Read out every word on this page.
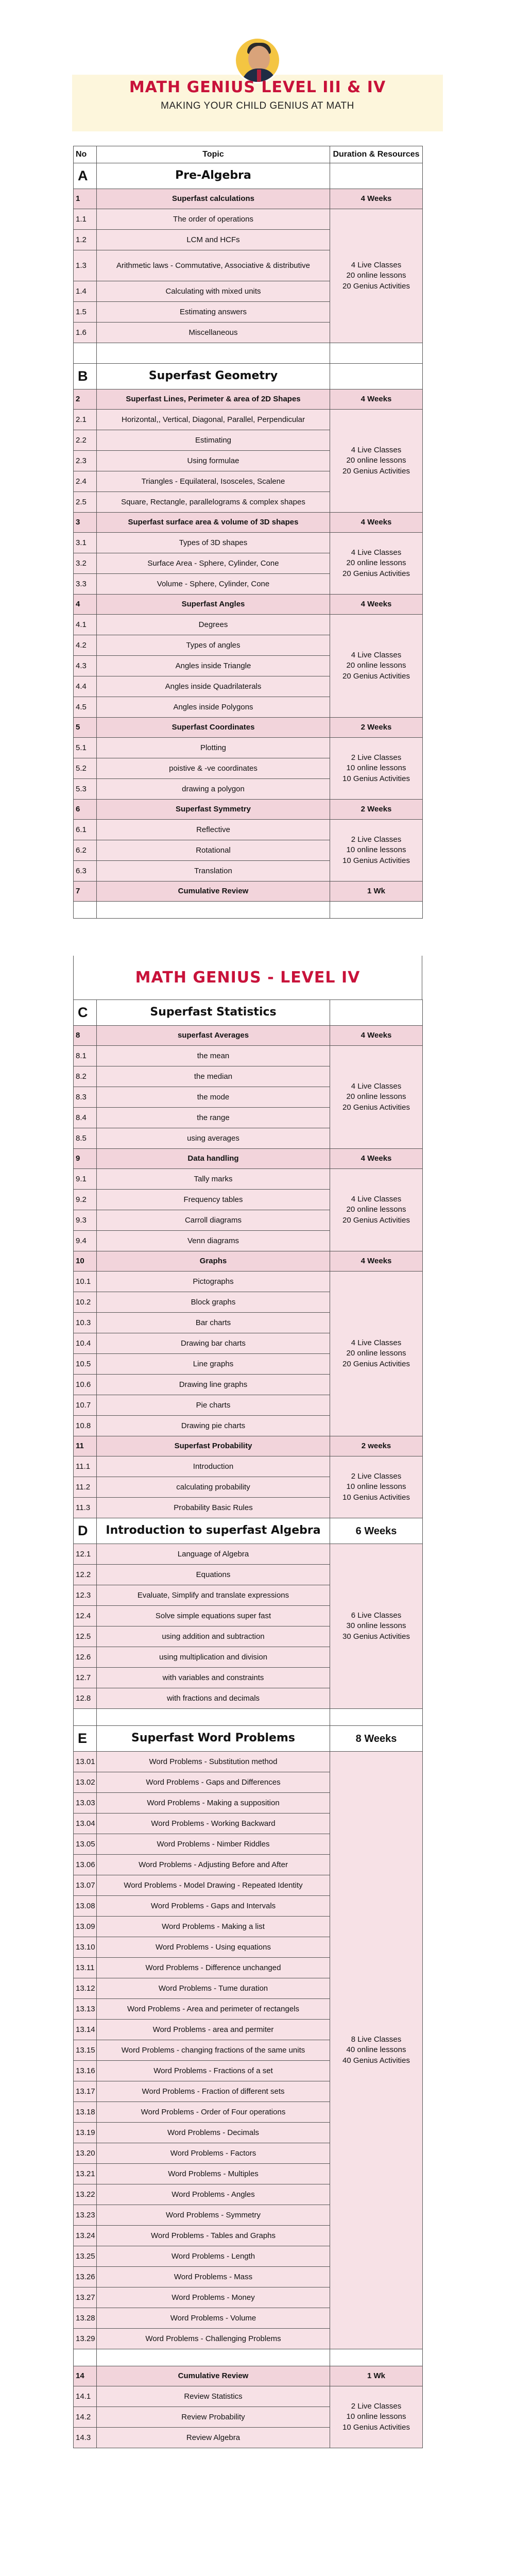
MATH GENIUS LEVEL III & IV
MAKING YOUR CHILD GENIUS AT MATH
No	Topic	Duration & Resources
A	Pre-Algebra	
1	Superfast calculations	4 Weeks
1.1	The order of operations	4 Live Classes
20 online lessons
20 Genius Activities

1.2	LCM and HCFs	
1.3	Arithmetic laws - Commutative, Associative & distributive	
1.4	Calculating with mixed units	
1.5	Estimating answers	
1.6	Miscellaneous	

B	Superfast Geometry	
2	Superfast Lines, Perimeter & area of 2D Shapes	4 Weeks
2.1	Horizontal,, Vertical, Diagonal, Parallel, Perpendicular	4 Live Classes
20 online lessons
20 Genius Activities

2.2	Estimating	
2.3	Using formulae	
2.4	Triangles - Equilateral, Isosceles, Scalene	
2.5	Square, Rectangle, parallelograms & complex shapes	
3	Superfast surface area & volume of 3D shapes	4 Weeks
3.1	Types of 3D shapes	4 Live Classes
20 online lessons
20 Genius Activities

3.2	Surface Area - Sphere, Cylinder, Cone	
3.3	Volume - Sphere, Cylinder, Cone	
4	Superfast Angles	4 Weeks
4.1	Degrees	4 Live Classes
20 online lessons
20 Genius Activities

4.2	Types of angles	
4.3	Angles inside Triangle	
4.4	Angles inside Quadrilaterals	
4.5	Angles inside Polygons	
5	Superfast Coordinates	2 Weeks
5.1	Plotting	2 Live Classes
10 online lessons
10 Genius Activities

5.2	poistive & -ve coordinates	
5.3	drawing a polygon	
6	Superfast Symmetry	2 Weeks
6.1	Reflective	2 Live Classes
10 online lessons
10 Genius Activities

6.2	Rotational	
6.3	Translation	
7	Cumulative Review	1 Wk

MATH GENIUS - LEVEL IV
C	Superfast Statistics	
8	superfast Averages	4 Weeks
8.1	the mean	4 Live Classes
20 online lessons
20 Genius Activities

8.2	the median	
8.3	the mode	
8.4	the range	
8.5	using averages	
9	Data handling	4 Weeks
9.1	Tally marks	4 Live Classes
20 online lessons
20 Genius Activities

9.2	Frequency tables	
9.3	Carroll diagrams	
9.4	Venn diagrams	
10	Graphs	4 Weeks
10.1	Pictographs	4 Live Classes
20 online lessons
20 Genius Activities

10.2	Block graphs	
10.3	Bar charts	
10.4	Drawing bar charts	
10.5	Line graphs	
10.6	Drawing line graphs	
10.7	Pie charts	
10.8	Drawing pie charts	
11	Superfast Probability	2 weeks
11.1	Introduction	2 Live Classes
10 online lessons
10 Genius Activities

11.2	calculating probability	
11.3	Probability Basic Rules	
D	Introduction to superfast Algebra	6 Weeks
12.1	Language of Algebra	6 Live Classes
30 online lessons
30 Genius Activities

12.2	Equations	
12.3	Evaluate, Simplify and translate expressions	
12.4	Solve simple equations super fast	
12.5	using addition and subtraction	
12.6	using multiplication and division	
12.7	with variables and constraints	
12.8	with fractions and decimals	

E	Superfast Word Problems	8 Weeks
13.01	Word Problems - Substitution method	8 Live Classes
40 online lessons
40 Genius Activities

13.02	Word Problems - Gaps and Differences	
13.03	Word Problems - Making a supposition	
13.04	Word Problems - Working Backward	
13.05	Word Problems - Nimber Riddles	
13.06	Word Problems - Adjusting Before and After	
13.07	Word Problems - Model Drawing - Repeated Identity	
13.08	Word Problems - Gaps and Intervals	
13.09	Word Problems - Making a list	
13.10	Word Problems - Using equations	
13.11	Word Problems - Difference unchanged	
13.12	Word Problems - Tume duration	
13.13	Word Problems - Area and perimeter of rectangels	
13.14	Word Problems - area and permiter	
13.15	Word Problems - changing fractions of the same units	
13.16	Word Problems - Fractions of a set	
13.17	Word Problems - Fraction of different sets	
13.18	Word Problems - Order of Four operations	
13.19	Word Problems - Decimals	
13.20	Word Problems - Factors	
13.21	Word Problems - Multiples	
13.22	Word Problems - Angles	
13.23	Word Problems - Symmetry	
13.24	Word Problems - Tables and Graphs	
13.25	Word Problems - Length	
13.26	Word Problems - Mass	
13.27	Word Problems - Money	
13.28	Word Problems - Volume	
13.29	Word Problems - Challenging Problems	

14	Cumulative Review	1 Wk
14.1	Review Statistics	2 Live Classes
10 online lessons
10 Genius Activities

14.2	Review Probability	
14.3	Review Algebra	
